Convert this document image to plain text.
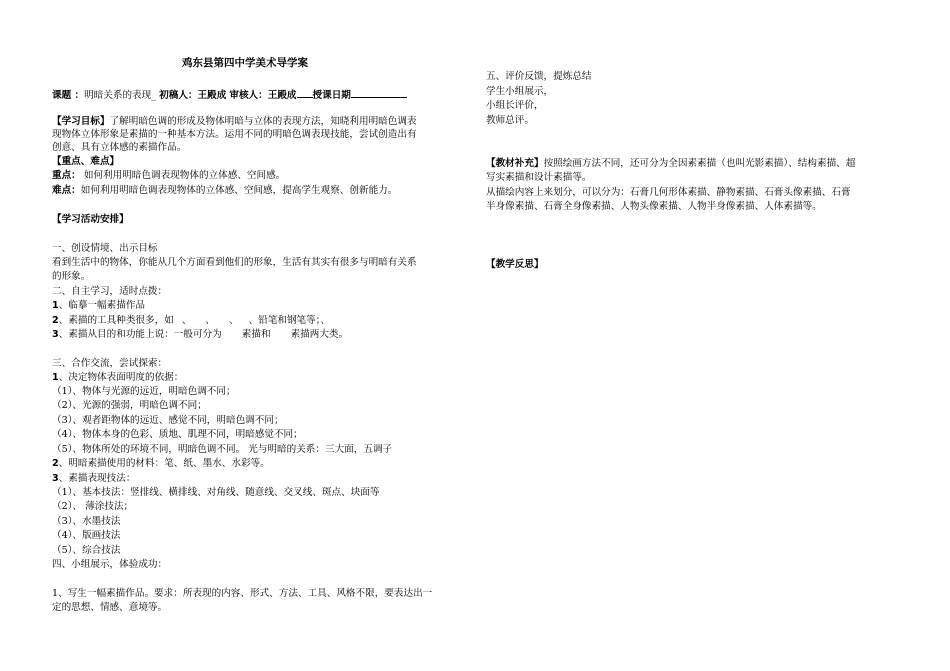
鸡东县第四中学美术导学案
课题 ：明暗关系的表现_ 初稿人：王殿成 审核人：王殿成 授课日期
【学习目标】了解明暗色调的形成及物体明暗与立体的表现方法，知晓利用明暗色调表
现物体立体形象是素描的一种基本方法。运用不同的明暗色调表现技能，尝试创造出有
创意、具有立体感的素描作品。
【重点、难点】
重点： 如何利用明暗色调表现物体的立体感、空间感。
难点：如何利用明暗色调表现物体的立体感、空间感，提高学生观察、创新能力。
【学习活动安排】
一、创设情境、出示目标
看到生活中的物体，你能从几个方面看到他们的形象，生活有其实有很多与明暗有关系
的形象。
二、自主学习，适时点拨：
1、临摹一幅素描作品
2、素描的工具种类很多，如 、 、 、 、铅笔和钢笔等；、
3、素描从目的和功能上说：一般可分为 素描和 素描两大类。
三、合作交流，尝试探索：
1、决定物体表面明度的依据：
（1）、物体与光源的远近，明暗色调不同；
（2）、光源的强弱，明暗色调不同；
（3）、观者距物体的远近、感觉不同，明暗色调不同；
（4）、物体本身的色彩、质地、肌理不同，明暗感觉不同；
（5）、物体所处的环境不同，明暗色调不同。 光与明暗的关系：三大面，五调子
2、明暗素描使用的材料：笔、纸、墨水、水彩等。
3、素描表现技法：
（1）、基本技法：竖排线、横排线、对角线、随意线、交叉线、斑点、块面等
（2）、 薄涂技法；
（3）、水墨技法
（4）、版画技法
（5）、综合技法
四、小组展示，体验成功：
1、写生一幅素描作品。要求：所表现的内容、形式、方法、工具、风格不限，要表达出一
定的思想、情感、意境等。
五、评价反馈，提炼总结
学生小组展示，
小组长评价，
教师总评。
【教材补充】按照绘画方法不同，还可分为全因素素描（也叫光影素描）、结构素描、超
写实素描和设计素描等。
从描绘内容上来划分，可以分为：石膏几何形体素描、静物素描、石膏头像素描、石膏
半身像素描、石膏全身像素描、人物头像素描、人物半身像素描、人体素描等。
【教学反思】
